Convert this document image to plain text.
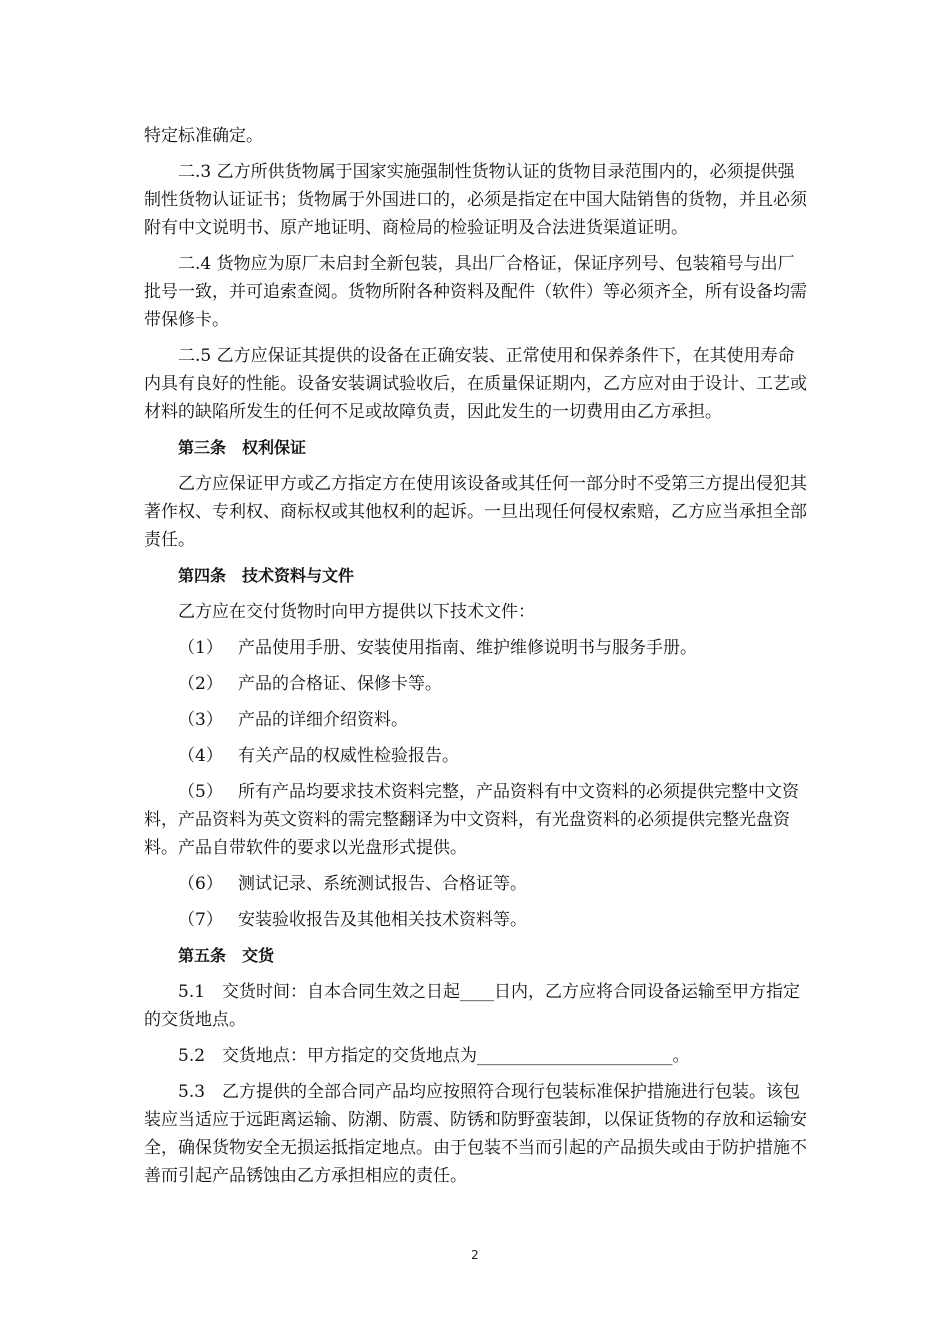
特定标准确定。

二.3 乙方所供货物属于国家实施强制性货物认证的货物目录范围内的，必须提供强制性货物认证证书；货物属于外国进口的，必须是指定在中国大陆销售的货物，并且必须附有中文说明书、原产地证明、商检局的检验证明及合法进货渠道证明。

二.4 货物应为原厂未启封全新包装，具出厂合格证，保证序列号、包装箱号与出厂批号一致，并可追索查阅。货物所附各种资料及配件（软件）等必须齐全，所有设备均需带保修卡。

二.5 乙方应保证其提供的设备在正确安装、正常使用和保养条件下，在其使用寿命内具有良好的性能。设备安装调试验收后，在质量保证期内，乙方应对由于设计、工艺或材料的缺陷所发生的任何不足或故障负责，因此发生的一切费用由乙方承担。

第三条　权利保证

乙方应保证甲方或乙方指定方在使用该设备或其任何一部分时不受第三方提出侵犯其著作权、专利权、商标权或其他权利的起诉。一旦出现任何侵权索赔，乙方应当承担全部责任。

第四条　技术资料与文件

乙方应在交付货物时向甲方提供以下技术文件：

（1） 产品使用手册、安装使用指南、维护维修说明书与服务手册。

（2） 产品的合格证、保修卡等。

（3） 产品的详细介绍资料。

（4） 有关产品的权威性检验报告。

（5） 所有产品均要求技术资料完整，产品资料有中文资料的必须提供完整中文资料，产品资料为英文资料的需完整翻译为中文资料，有光盘资料的必须提供完整光盘资料。产品自带软件的要求以光盘形式提供。

（6） 测试记录、系统测试报告、合格证等。

（7） 安装验收报告及其他相关技术资料等。

第五条　交货

5.1　交货时间：自本合同生效之日起____日内，乙方应将合同设备运输至甲方指定的交货地点。

5.2　交货地点：甲方指定的交货地点为_______________________。

5.3　乙方提供的全部合同产品均应按照符合现行包装标准保护措施进行包装。该包装应当适应于远距离运输、防潮、防震、防锈和防野蛮装卸，以保证货物的存放和运输安全，确保货物安全无损运抵指定地点。由于包装不当而引起的产品损失或由于防护措施不善而引起产品锈蚀由乙方承担相应的责任。

2
